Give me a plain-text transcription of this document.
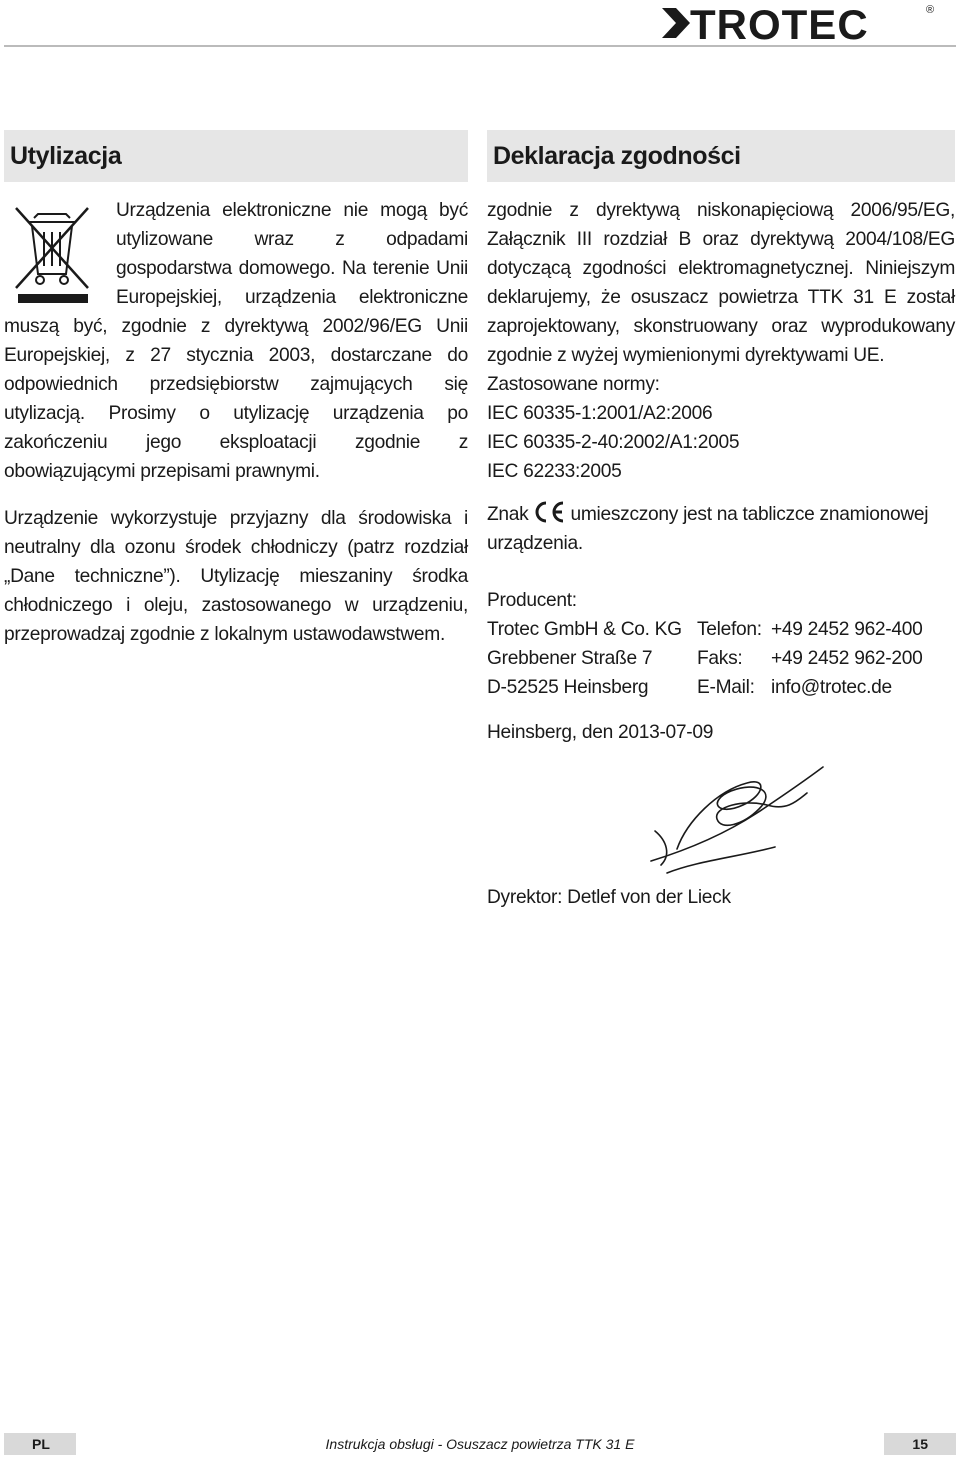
TROTEC	®
Utylizacja

Urządzenia elektroniczne nie mogą być utylizowane wraz z odpadami gospodarstwa domowego. Na terenie Unii Europejskiej, urządzenia elektroniczne muszą być, zgodnie z dyrektywą 2002/96/EG Unii Europejskiej, z 27 stycznia 2003, dostarczane do odpowiednich przedsiębiorstw zajmujących się utylizacją. Prosimy o utylizację urządzenia po zakończeniu jego eksploatacji zgodnie z obowiązującymi przepisami prawnymi.

Urządzenie wykorzystuje przyjazny dla środowiska i neutralny dla ozonu środek chłodniczy (patrz rozdział „Dane techniczne”). Utylizację mieszaniny środka chłodniczego i oleju, zastosowanego w urządzeniu, przeprowadzaj zgodnie z lokalnym ustawodawstwem.

Deklaracja zgodności

zgodnie z dyrektywą niskonapięciową 2006/95/EG, Załącznik III rozdział B oraz dyrektywą 2004/108/EG dotyczącą zgodności elektromagnetycznej. Niniejszym deklarujemy, że osuszacz powietrza TTK 31 E został zaprojektowany, skonstruowany oraz wyprodukowany zgodnie z wyżej wymienionymi dyrektywami UE.

Zastosowane normy:

IEC 60335-1:2001/A2:2006
IEC 60335-2-40:2002/A1:2005
IEC 62233:2005

Znak umieszczony jest na tabliczce znamionowej urządzenia.

Producent:

Trotec GmbH & Co. KG	Telefon:	+49 2452 962-400
Grebbener Straße 7	Faks:	+49 2452 962-200
D-52525 Heinsberg	E-Mail:	info@trotec.de

Heinsberg, den 2013-07-09

Dyrektor: Detlef von der Lieck

PL	Instrukcja obsługi - Osuszacz powietrza TTK 31 E	15
